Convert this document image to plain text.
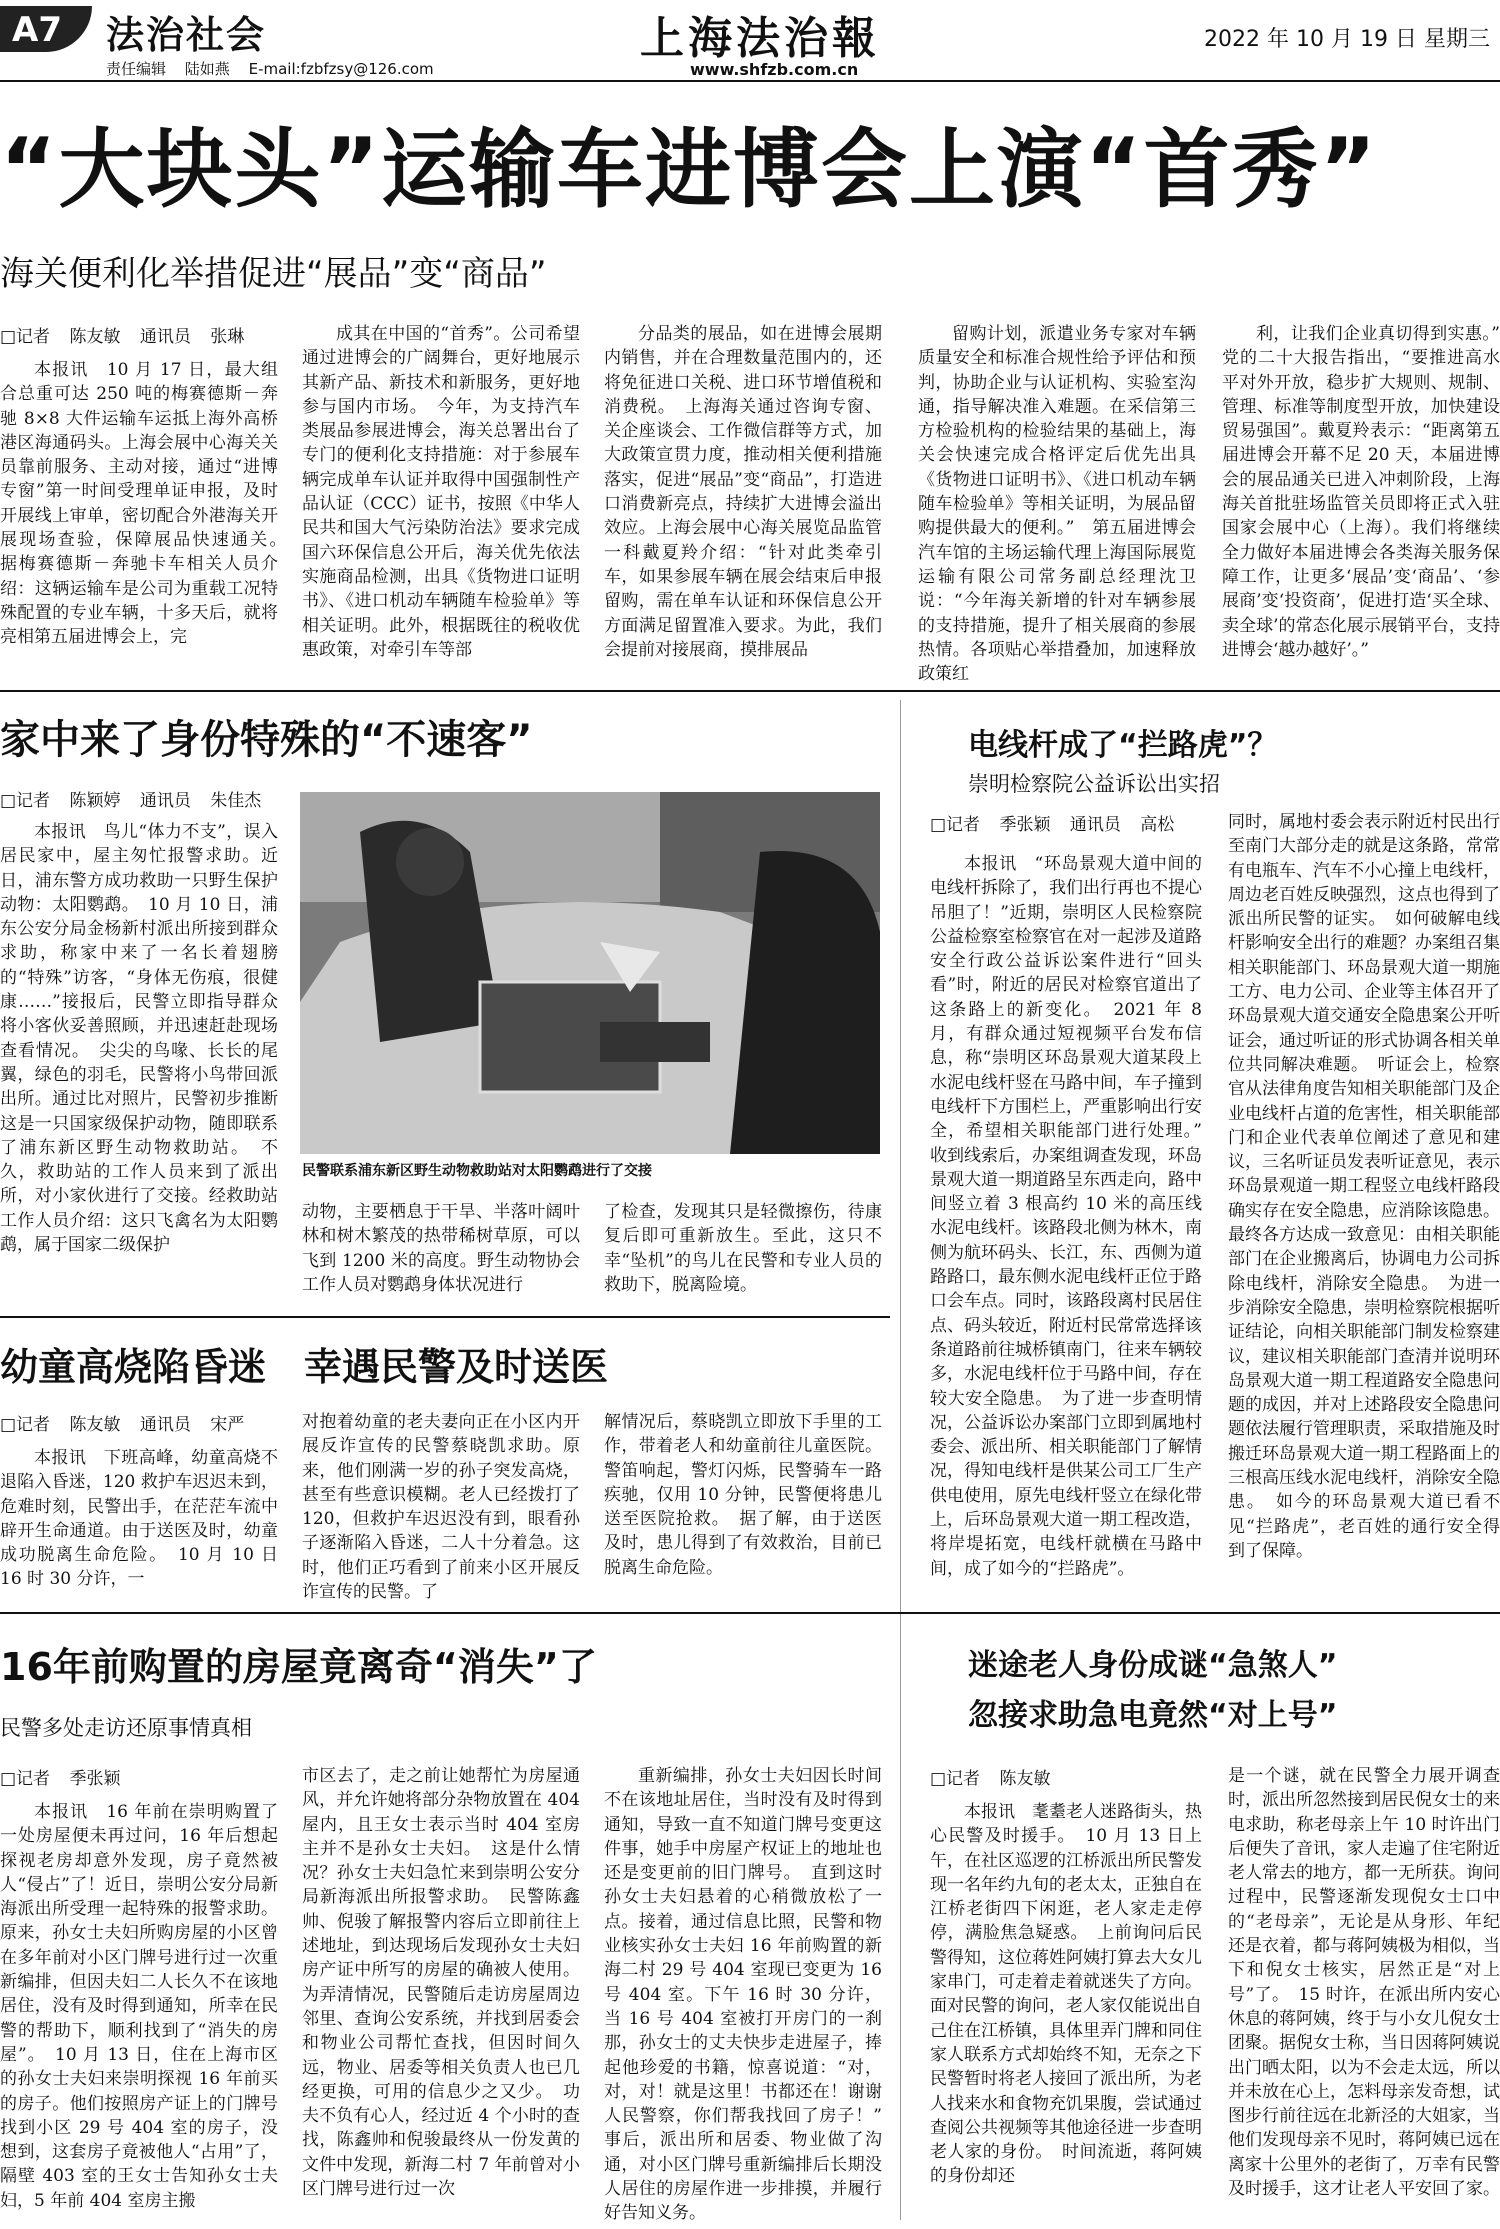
A7	法治社会
责任编辑 陆如燕 E-mail:fzbfzsy@126.com
上海法治報
www.shfzb.com.cn
2022 年 10 月 19 日 星期三
“大块头”运输车进博会上演“首秀”
海关便利化举措促进“展品”变“商品”
□记者 陈友敏 通讯员 张琳

本报讯　10 月 17 日，最大组合总重可达 250 吨的梅赛德斯－奔驰 8×8 大件运输车运抵上海外高桥港区海通码头。上海会展中心海关关员靠前服务、主动对接，通过“进博专窗”第一时间受理单证申报，及时开展线上审单，密切配合外港海关开展现场查验，保障展品快速通关。　据梅赛德斯－奔驰卡车相关人员介绍：这辆运输车是公司为重载工况特殊配置的专业车辆，十多天后，就将亮相第五届进博会上，完

成其在中国的“首秀”。公司希望通过进博会的广阔舞台，更好地展示其新产品、新技术和新服务，更好地参与国内市场。　今年，为支持汽车类展品参展进博会，海关总署出台了专门的便利化支持措施：对于参展车辆完成单车认证并取得中国强制性产品认证（CCC）证书，按照《中华人民共和国大气污染防治法》要求完成国六环保信息公开后，海关优先依法实施商品检测，出具《货物进口证明书》、《进口机动车辆随车检验单》等相关证明。此外，根据既往的税收优惠政策，对牵引车等部

分品类的展品，如在进博会展期内销售，并在合理数量范围内的，还将免征进口关税、进口环节增值税和消费税。　上海海关通过咨询专窗、关企座谈会、工作微信群等方式，加大政策宣贯力度，推动相关便利措施落实，促进“展品”变“商品”，打造进口消费新亮点，持续扩大进博会溢出效应。上海会展中心海关展览品监管一科戴夏羚介绍：“针对此类牵引车，如果参展车辆在展会结束后申报留购，需在单车认证和环保信息公开方面满足留置准入要求。为此，我们会提前对接展商，摸排展品

留购计划，派遣业务专家对车辆质量安全和标准合规性给予评估和预判，协助企业与认证机构、实验室沟通，指导解决准入难题。在采信第三方检验机构的检验结果的基础上，海关会快速完成合格评定后优先出具《货物进口证明书》、《进口机动车辆随车检验单》等相关证明，为展品留购提供最大的便利。”　第五届进博会汽车馆的主场运输代理上海国际展览运输有限公司常务副总经理沈卫说：“今年海关新增的针对车辆参展的支持措施，提升了相关展商的参展热情。各项贴心举措叠加，加速释放政策红

利，让我们企业真切得到实惠。”　党的二十大报告指出，“要推进高水平对外开放，稳步扩大规则、规制、管理、标准等制度型开放，加快建设贸易强国”。戴夏羚表示：“距离第五届进博会开幕不足 20 天，本届进博会的展品通关已进入冲刺阶段，上海海关首批驻场监管关员即将正式入驻国家会展中心（上海）。我们将继续全力做好本届进博会各类海关服务保障工作，让更多‘展品’变‘商品’、‘参展商’变‘投资商’，促进打造‘买全球、卖全球’的常态化展示展销平台，支持进博会‘越办越好’。”

家中来了身份特殊的“不速客”
□记者 陈颖婷 通讯员 朱佳杰

本报讯　鸟儿“体力不支”，误入居民家中，屋主匆忙报警求助。近日，浦东警方成功救助一只野生保护动物：太阳鹦鹉。　10 月 10 日，浦东公安分局金杨新村派出所接到群众求助，称家中来了一名长着翅膀的“特殊”访客，“身体无伤痕，很健康……”接报后，民警立即指导群众将小客伙妥善照顾，并迅速赶赴现场查看情况。　尖尖的鸟喙、长长的尾翼，绿色的羽毛，民警将小鸟带回派出所。通过比对照片，民警初步推断这是一只国家级保护动物，随即联系了浦东新区野生动物救助站。　不久，救助站的工作人员来到了派出所，对小家伙进行了交接。经救助站工作人员介绍：这只飞禽名为太阳鹦鹉，属于国家二级保护

民警联系浦东新区野生动物救助站对太阳鹦鹉进行了交接

动物，主要栖息于干旱、半落叶阔叶林和树木繁茂的热带稀树草原，可以飞到 1200 米的高度。野生动物协会工作人员对鹦鹉身体状况进行

了检查，发现其只是轻微擦伤，待康复后即可重新放生。至此，这只不幸“坠机”的鸟儿在民警和专业人员的救助下，脱离险境。

电线杆成了“拦路虎”？
崇明检察院公益诉讼出实招
□记者 季张颖 通讯员 高松

本报讯　“环岛景观大道中间的电线杆拆除了，我们出行再也不提心吊胆了！”近期，崇明区人民检察院公益检察室检察官在对一起涉及道路安全行政公益诉讼案件进行“回头看”时，附近的居民对检察官道出了这条路上的新变化。　2021 年 8 月，有群众通过短视频平台发布信息，称“崇明区环岛景观大道某段上水泥电线杆竖在马路中间，车子撞到电线杆下方围栏上，严重影响出行安全，希望相关职能部门进行处理。”　收到线索后，办案组调查发现，环岛景观大道一期道路呈东西走向，路中间竖立着 3 根高约 10 米的高压线水泥电线杆。该路段北侧为林木，南侧为航环码头、长江，东、西侧为道路路口，最东侧水泥电线杆正位于路口会车点。同时，该路段离村民居住点、码头较近，附近村民常常选择该条道路前往城桥镇南门，往来车辆较多，水泥电线杆位于马路中间，存在较大安全隐患。　为了进一步查明情况，公益诉讼办案部门立即到属地村委会、派出所、相关职能部门了解情况，得知电线杆是供某公司工厂生产供电使用，原先电线杆竖立在绿化带上，后环岛景观大道一期工程改造，将岸堤拓宽，电线杆就横在马路中间，成了如今的“拦路虎”。

同时，属地村委会表示附近村民出行至南门大部分走的就是这条路，常常有电瓶车、汽车不小心撞上电线杆，周边老百姓反映强烈，这点也得到了派出所民警的证实。　如何破解电线杆影响安全出行的难题？办案组召集相关职能部门、环岛景观大道一期施工方、电力公司、企业等主体召开了环岛景观大道交通安全隐患案公开听证会，通过听证的形式协调各相关单位共同解决难题。　听证会上，检察官从法律角度告知相关职能部门及企业电线杆占道的危害性，相关职能部门和企业代表单位阐述了意见和建议，三名听证员发表听证意见，表示环岛景观道一期工程竖立电线杆路段确实存在安全隐患，应消除该隐患。最终各方达成一致意见：由相关职能部门在企业搬离后，协调电力公司拆除电线杆，消除安全隐患。　为进一步消除安全隐患，崇明检察院根据听证结论，向相关职能部门制发检察建议，建议相关职能部门查清并说明环岛景观大道一期工程道路安全隐患问题的成因，并对上述路段安全隐患问题依法履行管理职责，采取措施及时搬迁环岛景观大道一期工程路面上的三根高压线水泥电线杆，消除安全隐患。　如今的环岛景观大道已看不见“拦路虎”，老百姓的通行安全得到了保障。

幼童高烧陷昏迷　幸遇民警及时送医
□记者 陈友敏 通讯员 宋严

本报讯　下班高峰，幼童高烧不退陷入昏迷，120 救护车迟迟未到，危难时刻，民警出手，在茫茫车流中辟开生命通道。由于送医及时，幼童成功脱离生命危险。　10 月 10 日 16 时 30 分许，一

对抱着幼童的老夫妻向正在小区内开展反诈宣传的民警蔡晓凯求助。原来，他们刚满一岁的孙子突发高烧，甚至有些意识模糊。老人已经拨打了 120，但救护车迟迟没有到，眼看孙子逐渐陷入昏迷，二人十分着急。这时，他们正巧看到了前来小区开展反诈宣传的民警。了

解情况后，蔡晓凯立即放下手里的工作，带着老人和幼童前往儿童医院。警笛响起，警灯闪烁，民警骑车一路疾驰，仅用 10 分钟，民警便将患儿送至医院抢救。　据了解，由于送医及时，患儿得到了有效救治，目前已脱离生命危险。

16年前购置的房屋竟离奇“消失”了
民警多处走访还原事情真相
□记者 季张颖

本报讯　16 年前在崇明购置了一处房屋便未再过问，16 年后想起探视老房却意外发现，房子竟然被人“侵占”了！近日，崇明公安分局新海派出所受理一起特殊的报警求助。原来，孙女士夫妇所购房屋的小区曾在多年前对小区门牌号进行过一次重新编排，但因夫妇二人长久不在该地居住，没有及时得到通知，所幸在民警的帮助下，顺利找到了“消失的房屋”。　10 月 13 日，住在上海市区的孙女士夫妇来崇明探视 16 年前买的房子。他们按照房产证上的门牌号找到小区 29 号 404 室的房子，没想到，这套房子竟被他人“占用”了，隔壁 403 室的王女士告知孙女士夫妇，5 年前 404 室房主搬

市区去了，走之前让她帮忙为房屋通风，并允许她将部分杂物放置在 404 屋内，且王女士表示当时 404 室房主并不是孙女士夫妇。　这是什么情况？孙女士夫妇急忙来到崇明公安分局新海派出所报警求助。　民警陈鑫帅、倪骏了解报警内容后立即前往上述地址，到达现场后发现孙女士夫妇房产证中所写的房屋的确被人使用。为弄清情况，民警随后走访房屋周边邻里、查询公安系统，并找到居委会和物业公司帮忙查找，但因时间久远，物业、居委等相关负责人也已几经更换，可用的信息少之又少。　功夫不负有心人，经过近 4 个小时的查找，陈鑫帅和倪骏最终从一份发黄的文件中发现，新海二村 7 年前曾对小区门牌号进行过一次

重新编排，孙女士夫妇因长时间不在该地址居住，当时没有及时得到通知，导致一直不知道门牌号变更这件事，她手中房屋产权证上的地址也还是变更前的旧门牌号。　直到这时孙女士夫妇悬着的心稍微放松了一点。接着，通过信息比照，民警和物业核实孙女士夫妇 16 年前购置的新海二村 29 号 404 室现已变更为 16 号 404 室。下午 16 时 30 分许，当 16 号 404 室被打开房门的一刹那，孙女士的丈夫快步走进屋子，捧起他珍爱的书籍，惊喜说道：“对，对，对！就是这里！书都还在！谢谢人民警察，你们帮我找回了房子！”　事后，派出所和居委、物业做了沟通，对小区门牌号重新编排后长期没人居住的房屋作进一步排摸，并履行好告知义务。

迷途老人身份成谜“急煞人”
忽接求助急电竟然“对上号”
□记者 陈友敏

本报讯　耄耋老人迷路街头，热心民警及时援手。　10 月 13 日上午，在社区巡逻的江桥派出所民警发现一名年约九旬的老太太，正独自在江桥老街四下闲逛，老人家走走停停，满脸焦急疑惑。　上前询问后民警得知，这位蒋姓阿姨打算去大女儿家串门，可走着走着就迷失了方向。面对民警的询问，老人家仅能说出自己住在江桥镇，具体里弄门牌和同住家人联系方式却始终不知，无奈之下民警暂时将老人接回了派出所，为老人找来水和食物充饥果腹，尝试通过查阅公共视频等其他途径进一步查明老人家的身份。　时间流逝，蒋阿姨的身份却还

是一个谜，就在民警全力展开调查时，派出所忽然接到居民倪女士的来电求助，称老母亲上午 10 时许出门后便失了音讯，家人走遍了住宅附近老人常去的地方，都一无所获。询问过程中，民警逐渐发现倪女士口中的“老母亲”，无论是从身形、年纪还是衣着，都与蒋阿姨极为相似，当下和倪女士核实，居然正是“对上号”了。　15 时许，在派出所内安心休息的蒋阿姨，终于与小女儿倪女士团聚。据倪女士称，当日因蒋阿姨说出门晒太阳，以为不会走太远，所以并未放在心上，怎料母亲发奇想，试图步行前往远在北新泾的大姐家，当他们发现母亲不见时，蒋阿姨已远在离家十公里外的老街了，万幸有民警及时援手，这才让老人平安回了家。
